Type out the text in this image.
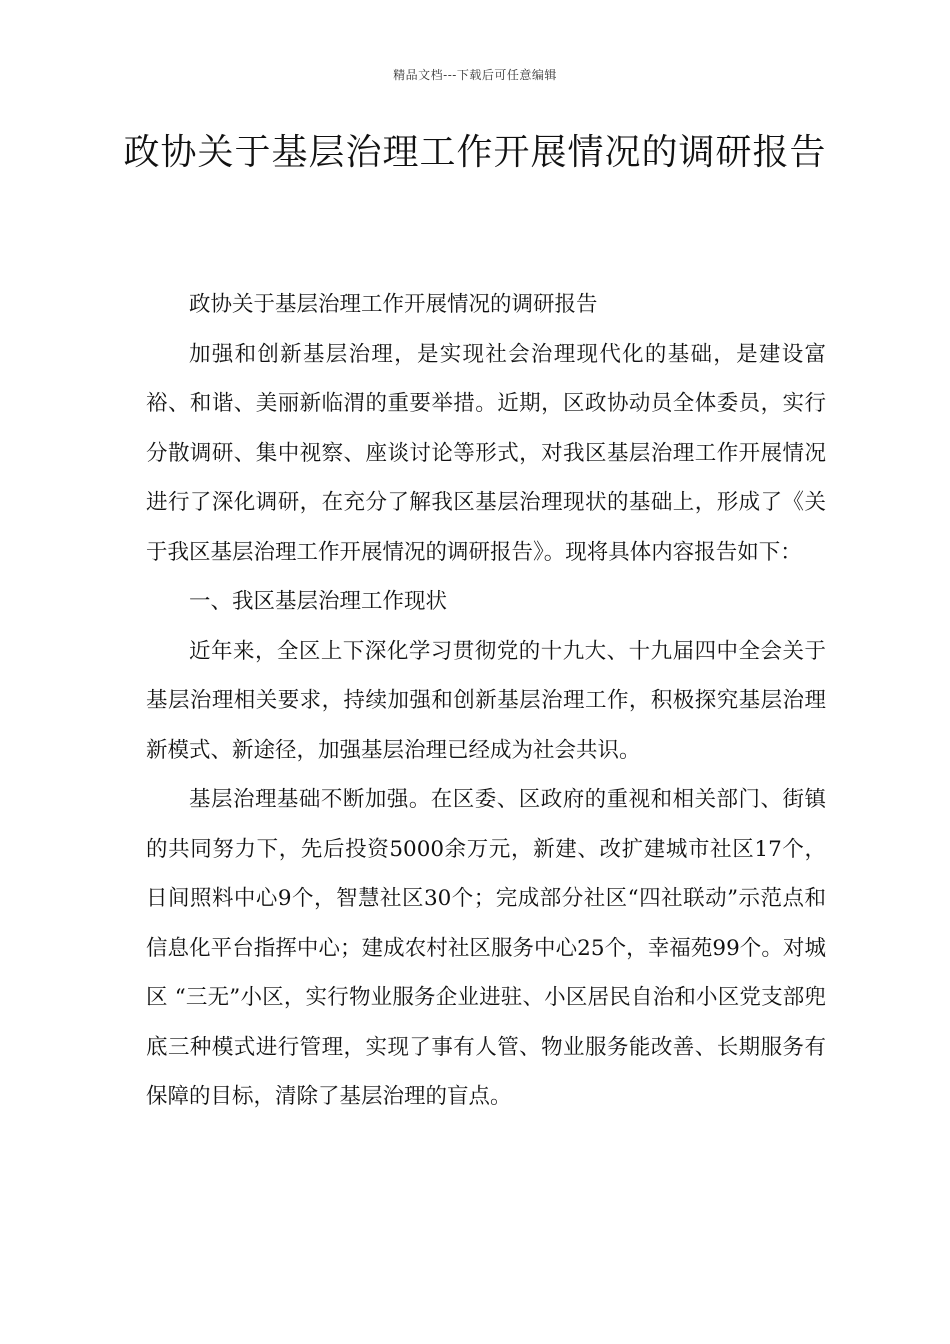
精品文档---下载后可任意编辑
政协关于基层治理工作开展情况的调研报告

政协关于基层治理工作开展情况的调研报告

加强和创新基层治理，是实现社会治理现代化的基础，是建设富裕、和谐、美丽新临渭的重要举措。近期，区政协动员全体委员，实行分散调研、集中视察、座谈讨论等形式，对我区基层治理工作开展情况进行了深化调研，在充分了解我区基层治理现状的基础上，形成了《关于我区基层治理工作开展情况的调研报告》。现将具体内容报告如下：

一、我区基层治理工作现状

近年来，全区上下深化学习贯彻党的十九大、十九届四中全会关于基层治理相关要求，持续加强和创新基层治理工作，积极探究基层治理新模式、新途径，加强基层治理已经成为社会共识。

基层治理基础不断加强。在区委、区政府的重视和相关部门、街镇的共同努力下，先后投资5000余万元，新建、改扩建城市社区17个，日间照料中心9个，智慧社区30个；完成部分社区“四社联动”示范点和信息化平台指挥中心；建成农村社区服务中心25个，幸福苑99个。对城区 “三无”小区，实行物业服务企业进驻、小区居民自治和小区党支部兜底三种模式进行管理，实现了事有人管、物业服务能改善、长期服务有保障的目标，清除了基层治理的盲点。
